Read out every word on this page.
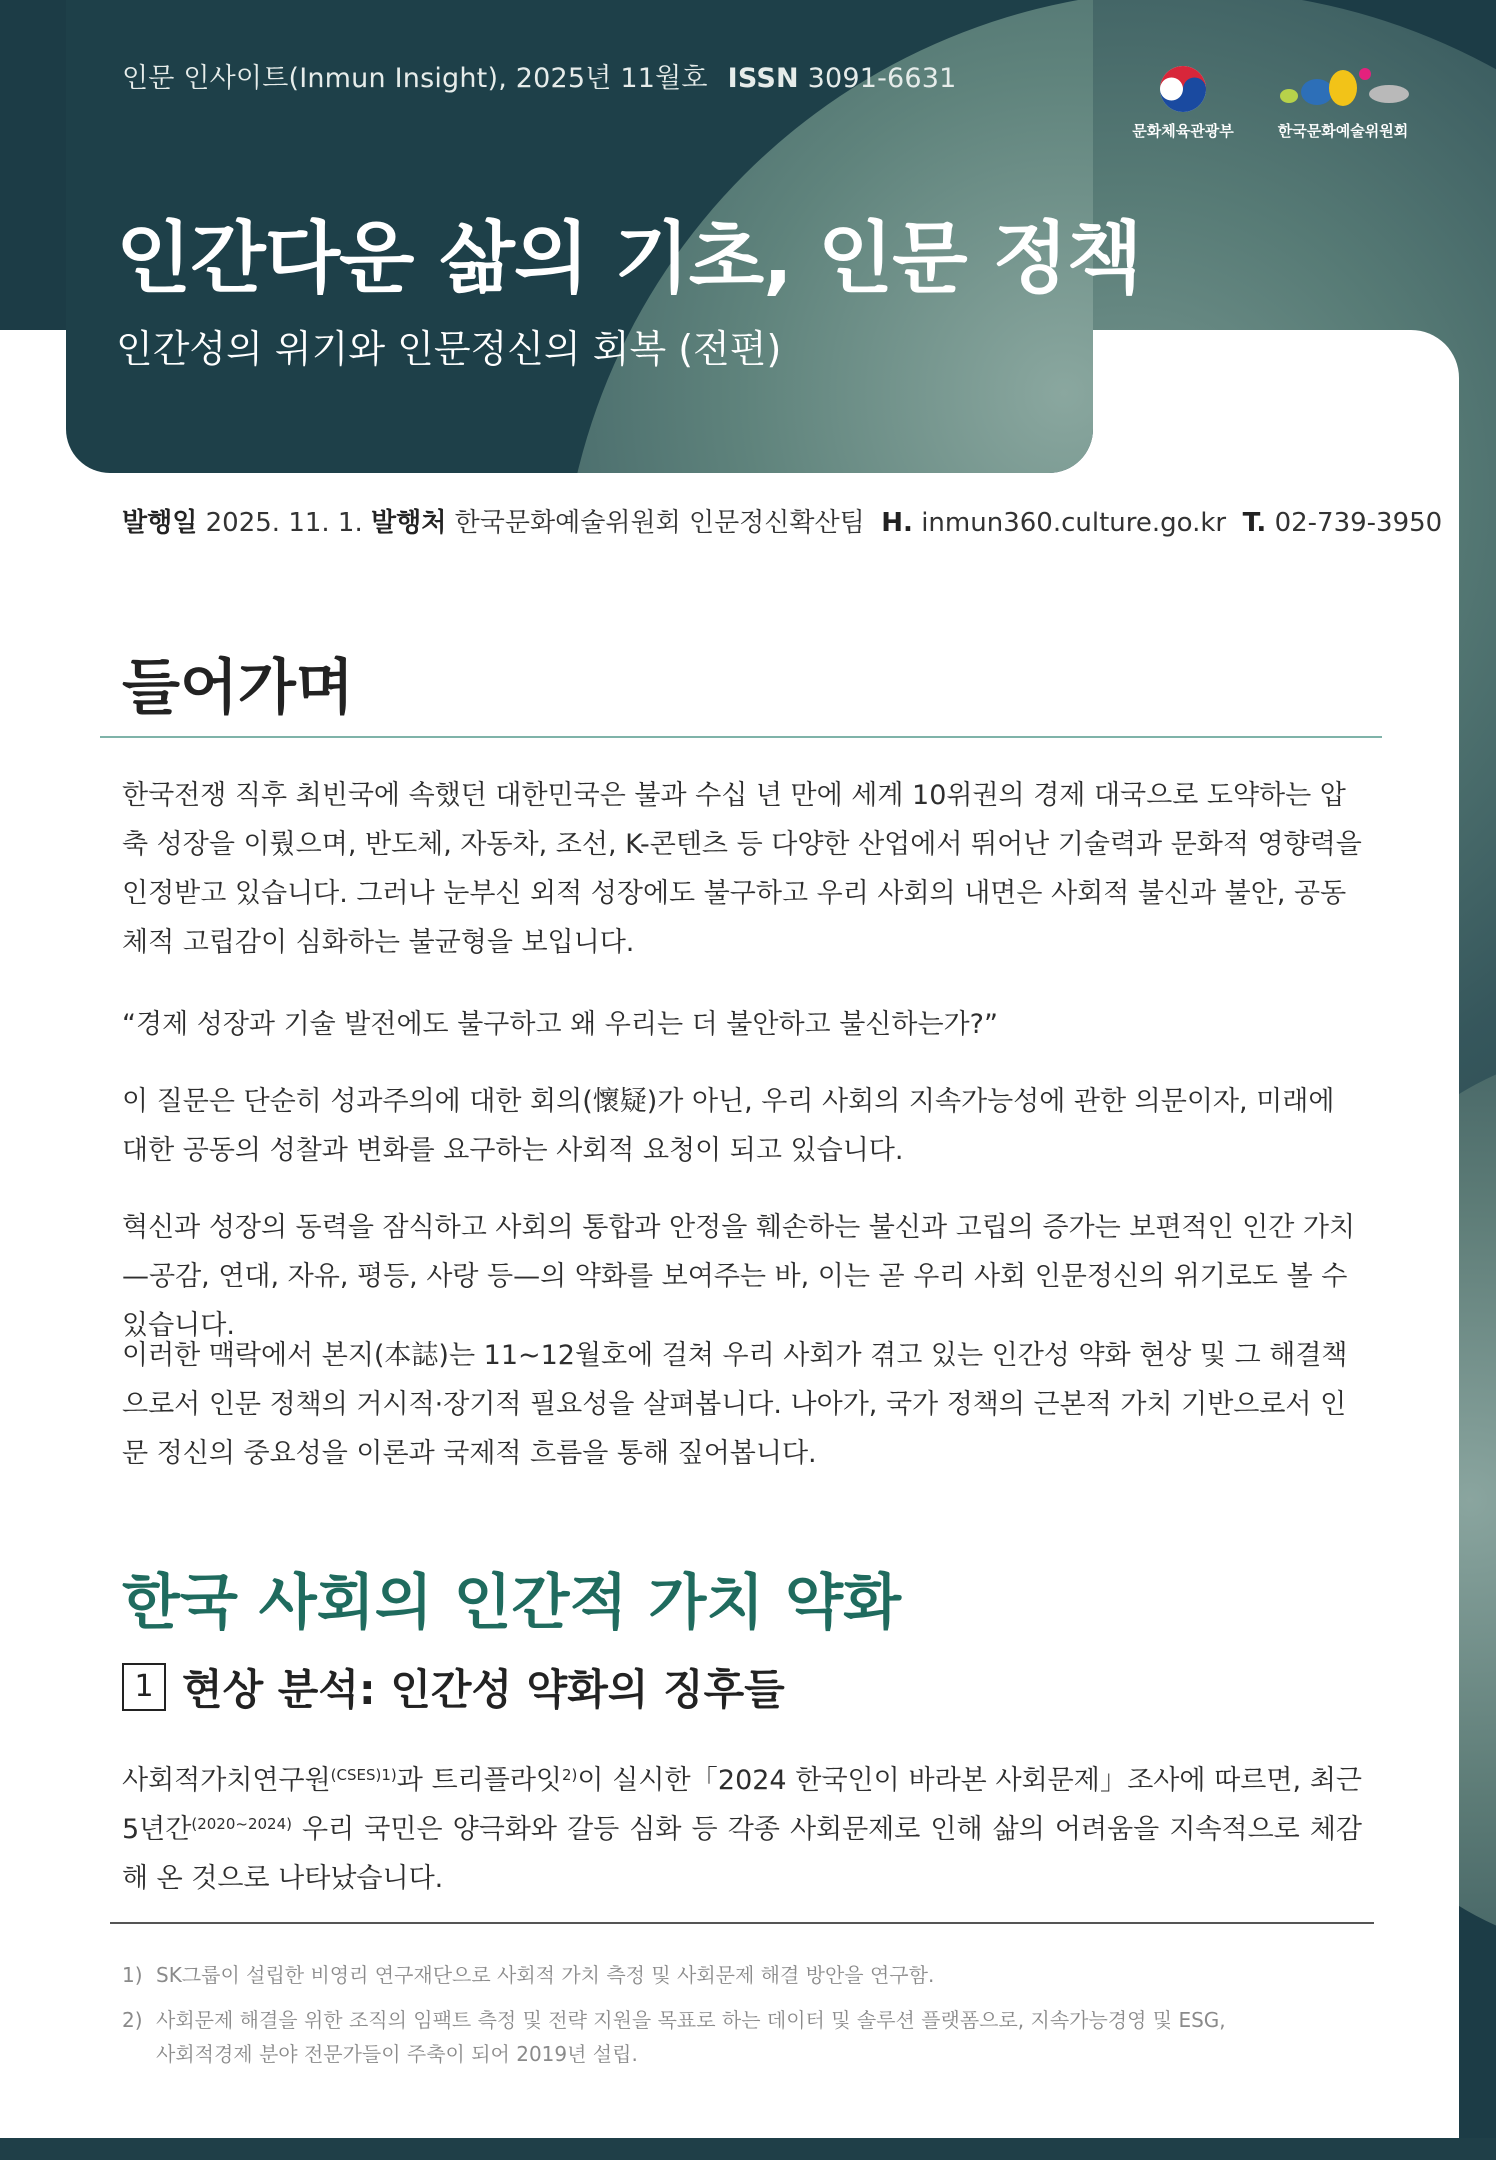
인문 인사이트(Inmun Insight), 2025년 11월호 ISSN 3091-6631
문화체육관광부	한국문화예술위원회
인간다운 삶의 기초, 인문 정책
인간성의 위기와 인문정신의 회복 (전편)
발행일 2025. 11. 1. 발행처 한국문화예술위원회 인문정신확산팀 H. inmun360.culture.go.kr T. 02-739-3950
들어가며

한국전쟁 직후 최빈국에 속했던 대한민국은 불과 수십 년 만에 세계 10위권의 경제 대국으로 도약하는 압축 성장을 이뤘으며, 반도체, 자동차, 조선, K-콘텐츠 등 다양한 산업에서 뛰어난 기술력과 문화적 영향력을 인정받고 있습니다. 그러나 눈부신 외적 성장에도 불구하고 우리 사회의 내면은 사회적 불신과 불안, 공동체적 고립감이 심화하는 불균형을 보입니다.

“경제 성장과 기술 발전에도 불구하고 왜 우리는 더 불안하고 불신하는가?”

이 질문은 단순히 성과주의에 대한 회의(懷疑)가 아닌, 우리 사회의 지속가능성에 관한 의문이자, 미래에 대한 공동의 성찰과 변화를 요구하는 사회적 요청이 되고 있습니다.

혁신과 성장의 동력을 잠식하고 사회의 통합과 안정을 훼손하는 불신과 고립의 증가는 보편적인 인간 가치—공감, 연대, 자유, 평등, 사랑 등—의 약화를 보여주는 바, 이는 곧 우리 사회 인문정신의 위기로도 볼 수 있습니다.

이러한 맥락에서 본지(本誌)는 11~12월호에 걸쳐 우리 사회가 겪고 있는 인간성 약화 현상 및 그 해결책으로서 인문 정책의 거시적·장기적 필요성을 살펴봅니다. 나아가, 국가 정책의 근본적 가치 기반으로서 인문 정신의 중요성을 이론과 국제적 흐름을 통해 짚어봅니다.

한국 사회의 인간적 가치 약화
1 현상 분석: 인간성 약화의 징후들

사회적가치연구원$^{(CSES)1)}$과 트리플라잇$^{2)}$이 실시한「2024 한국인이 바라본 사회문제」조사에 따르면, 최근 5년간$^{(2020\sim 2024)}$ 우리 국민은 양극화와 갈등 심화 등 각종 사회문제로 인해 삶의 어려움을 지속적으로 체감해 온 것으로 나타났습니다.

1) SK그룹이 설립한 비영리 연구재단으로 사회적 가치 측정 및 사회문제 해결 방안을 연구함.

2) 사회문제 해결을 위한 조직의 임팩트 측정 및 전략 지원을 목표로 하는 데이터 및 솔루션 플랫폼으로, 지속가능경영 및 ESG,
사회적경제 분야 전문가들이 주축이 되어 2019년 설립.
